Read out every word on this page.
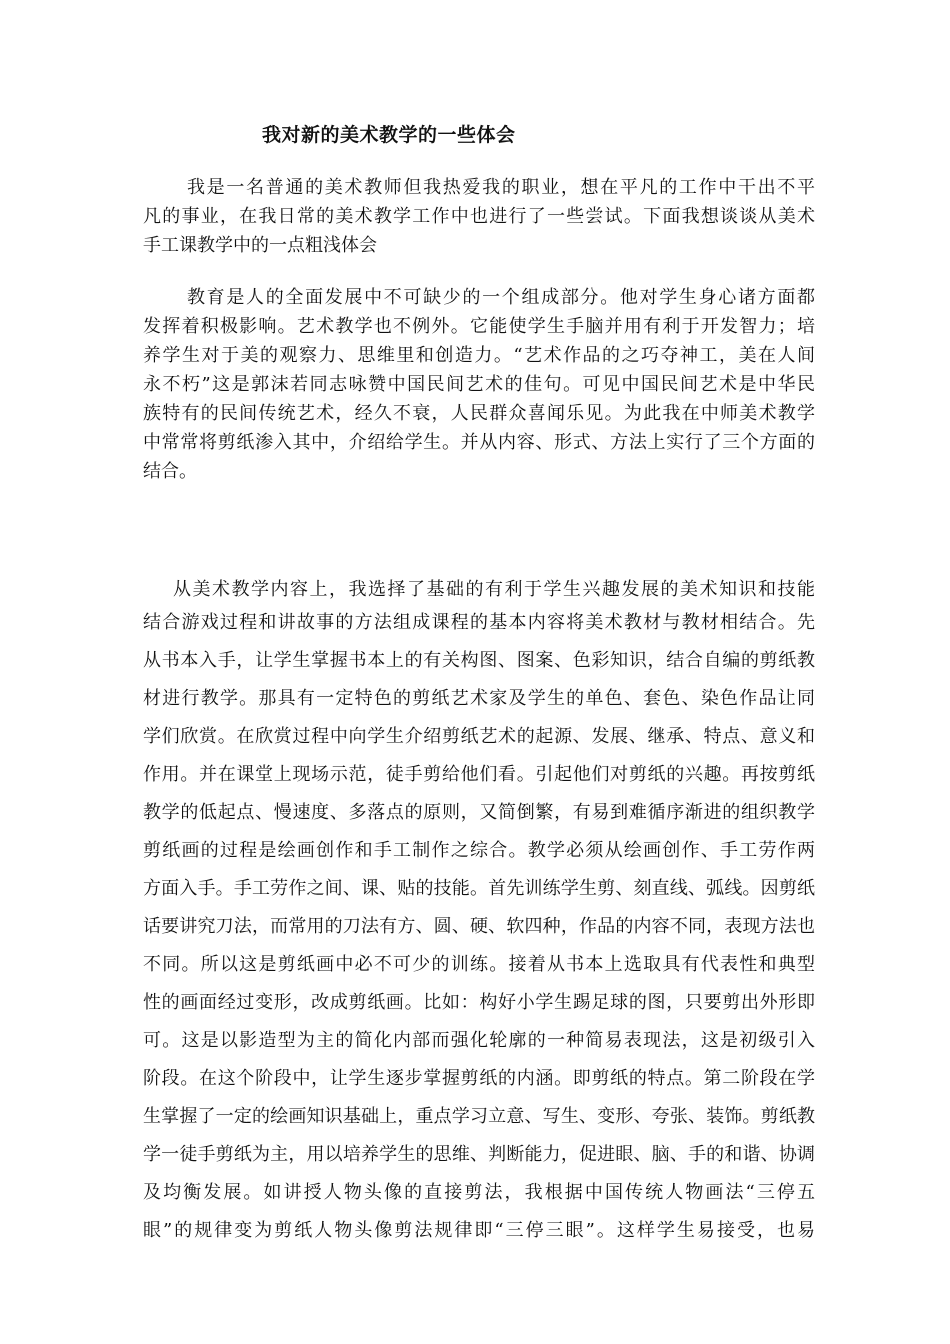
我对新的美术教学的一些体会
我是一名普通的美术教师但我热爱我的职业，想在平凡的工作中干出不平
凡的事业，在我日常的美术教学工作中也进行了一些尝试。下面我想谈谈从美术
手工课教学中的一点粗浅体会
教育是人的全面发展中不可缺少的一个组成部分。他对学生身心诸方面都
发挥着积极影响。艺术教学也不例外。它能使学生手脑并用有利于开发智力；培
养学生对于美的观察力、思维里和创造力。“艺术作品的之巧夺神工，美在人间
永不朽”这是郭沫若同志咏赞中国民间艺术的佳句。可见中国民间艺术是中华民
族特有的民间传统艺术，经久不衰，人民群众喜闻乐见。为此我在中师美术教学
中常常将剪纸渗入其中，介绍给学生。并从内容、形式、方法上实行了三个方面的
结合。
从美术教学内容上，我选择了基础的有利于学生兴趣发展的美术知识和技能
结合游戏过程和讲故事的方法组成课程的基本内容将美术教材与教材相结合。先
从书本入手，让学生掌握书本上的有关构图、图案、色彩知识，结合自编的剪纸教
材进行教学。那具有一定特色的剪纸艺术家及学生的单色、套色、染色作品让同
学们欣赏。在欣赏过程中向学生介绍剪纸艺术的起源、发展、继承、特点、意义和
作用。并在课堂上现场示范，徒手剪给他们看。引起他们对剪纸的兴趣。再按剪纸
教学的低起点、慢速度、多落点的原则，又简倒繁，有易到难循序渐进的组织教学
剪纸画的过程是绘画创作和手工制作之综合。教学必须从绘画创作、手工劳作两
方面入手。手工劳作之间、课、贴的技能。首先训练学生剪、刻直线、弧线。因剪纸
话要讲究刀法，而常用的刀法有方、圆、硬、软四种，作品的内容不同，表现方法也
不同。所以这是剪纸画中必不可少的训练。接着从书本上选取具有代表性和典型
性的画面经过变形，改成剪纸画。比如：构好小学生踢足球的图，只要剪出外形即
可。这是以影造型为主的简化内部而强化轮廓的一种简易表现法，这是初级引入
阶段。在这个阶段中，让学生逐步掌握剪纸的内涵。即剪纸的特点。第二阶段在学
生掌握了一定的绘画知识基础上，重点学习立意、写生、变形、夸张、装饰。剪纸教
学一徒手剪纸为主，用以培养学生的思维、判断能力，促进眼、脑、手的和谐、协调
及均衡发展。如讲授人物头像的直接剪法，我根据中国传统人物画法“三停五
眼”的规律变为剪纸人物头像剪法规律即“三停三眼”。这样学生易接受，也易
